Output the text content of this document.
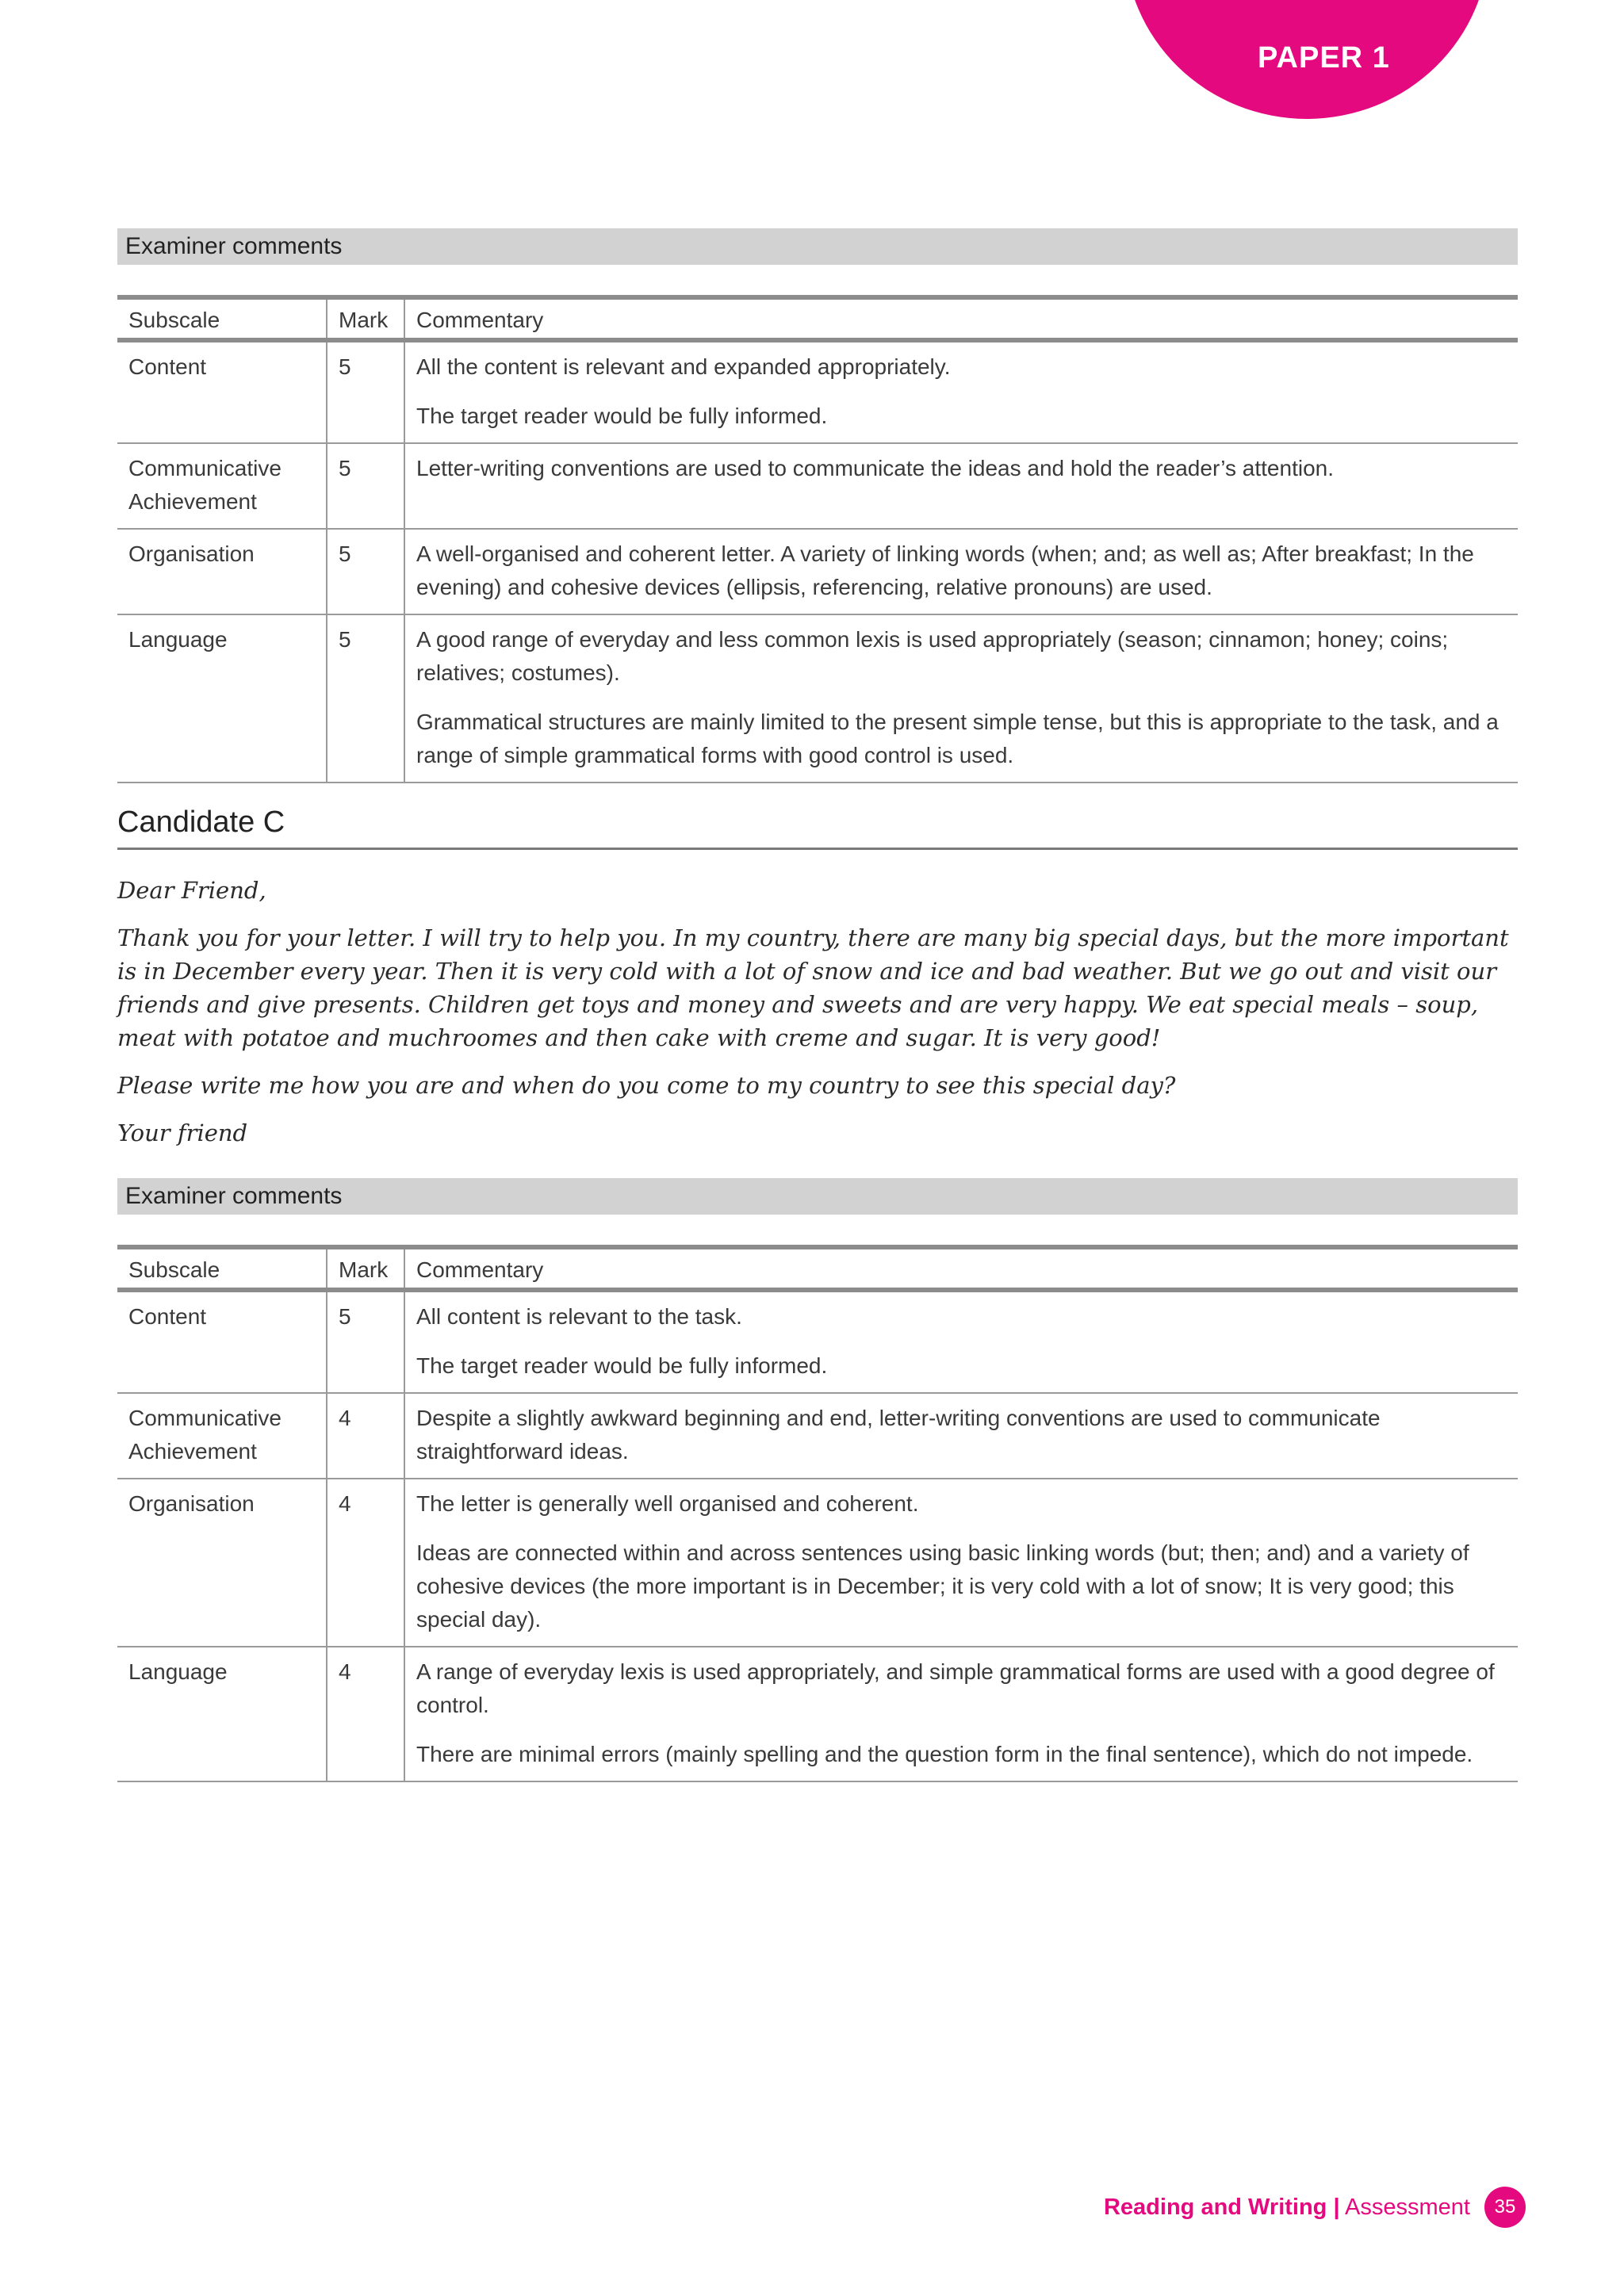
PAPER 1
Examiner comments
Subscale	Mark	Commentary
Content	5	All the content is relevant and expanded appropriately.

The target reader would be fully informed.

Communicative Achievement	5	Letter-writing conventions are used to communicate the ideas and hold the reader’s attention.

Organisation	5	A well-organised and coherent letter. A variety of linking words (when; and; as well as; After breakfast; In the evening) and cohesive devices (ellipsis, referencing, relative pronouns) are used.

Language	5	A good range of everyday and less common lexis is used appropriately (season; cinnamon; honey; coins; relatives; costumes).

Grammatical structures are mainly limited to the present simple tense, but this is appropriate to the task, and a range of simple grammatical forms with good control is used.

Candidate C

Dear Friend,

Thank you for your letter. I will try to help you. In my country, there are many big special days, but the more important is in December every year. Then it is very cold with a lot of snow and ice and bad weather. But we go out and visit our friends and give presents. Children get toys and money and sweets and are very happy. We eat special meals – soup, meat with potatoe and muchroomes and then cake with creme and sugar. It is very good!

Please write me how you are and when do you come to my country to see this special day?

Your friend

Examiner comments
Subscale	Mark	Commentary
Content	5	All content is relevant to the task.

The target reader would be fully informed.

Communicative Achievement	4	Despite a slightly awkward beginning and end, letter-writing conventions are used to communicate straightforward ideas.

Organisation	4	The letter is generally well organised and coherent.

Ideas are connected within and across sentences using basic linking words (but; then; and) and a variety of cohesive devices (the more important is in December; it is very cold with a lot of snow; It is very good; this special day).

Language	4	A range of everyday lexis is used appropriately, and simple grammatical forms are used with a good degree of control.

There are minimal errors (mainly spelling and the question form in the final sentence), which do not impede.

Reading and Writing | Assessment	35
